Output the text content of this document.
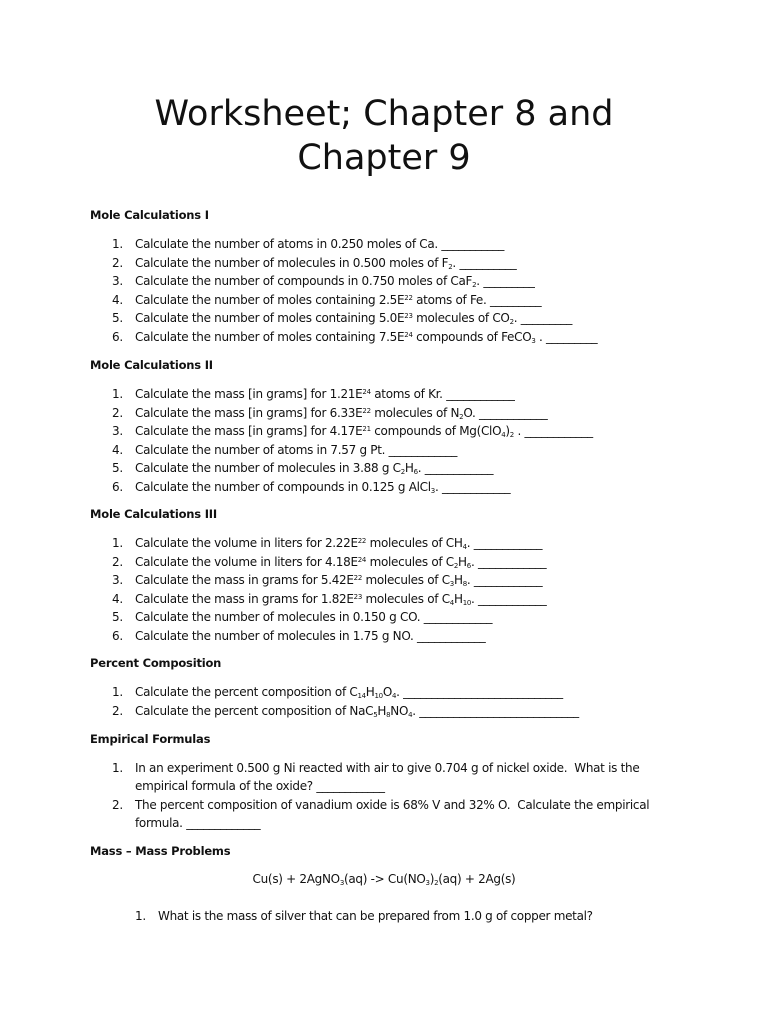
Worksheet; Chapter 8 and
Chapter 9
Mole Calculations I
1. Calculate the number of atoms in 0.250 moles of Ca. ___________
2. Calculate the number of molecules in 0.500 moles of $F_2$. __________
3. Calculate the number of compounds in 0.750 moles of CaF$_2$. _________
4. Calculate the number of moles containing $2.5E^{22}$ atoms of Fe. _________
5. Calculate the number of moles containing $5.0E^{23}$ molecules of $CO_2$. _________
6. Calculate the number of moles containing $7.5E^{24}$ compounds of FeCO$_3$ . _________
Mole Calculations II
1. Calculate the mass [in grams] for $1.21E^{24}$ atoms of Kr. ____________
2. Calculate the mass [in grams] for $6.33E^{22}$ molecules of $N_2O$. ____________
3. Calculate the mass [in grams] for $4.17E^{21}$ compounds of $Mg(ClO_4)_2$ . ____________
4. Calculate the number of atoms in 7.57 g Pt. ____________
5. Calculate the number of molecules in 3.88 g $C_2H_6$. ____________
6. Calculate the number of compounds in 0.125 g AlCl$_3$. ____________
Mole Calculations III
1. Calculate the volume in liters for $2.22E^{22}$ molecules of $CH_4$. ____________
2. Calculate the volume in liters for $4.18E^{24}$ molecules of $C_2H_6$. ____________
3. Calculate the mass in grams for $5.42E^{22}$ molecules of $C_3H_8$. ____________
4. Calculate the mass in grams for $1.82E^{23}$ molecules of $C_4H_{10}$. ____________
5. Calculate the number of molecules in 0.150 g CO. ____________
6. Calculate the number of molecules in 1.75 g NO. ____________
Percent Composition
1. Calculate the percent composition of $C_{14}H_{10}O_4$. ____________________________
2. Calculate the percent composition of $NaC_5H_8NO_4$. ____________________________
Empirical Formulas
1. In an experiment 0.500 g Ni reacted with air to give 0.704 g of nickel oxide.  What is the empirical formula of the oxide? ____________
2. The percent composition of vanadium oxide is 68% V and 32% O.  Calculate the empirical formula. _____________
Mass – Mass Problems
Cu(s) + 2AgNO$_3$(aq) -> $Cu(NO_3)_2(aq) + 2Ag(s)$
1. What is the mass of silver that can be prepared from 1.0 g of copper metal?
